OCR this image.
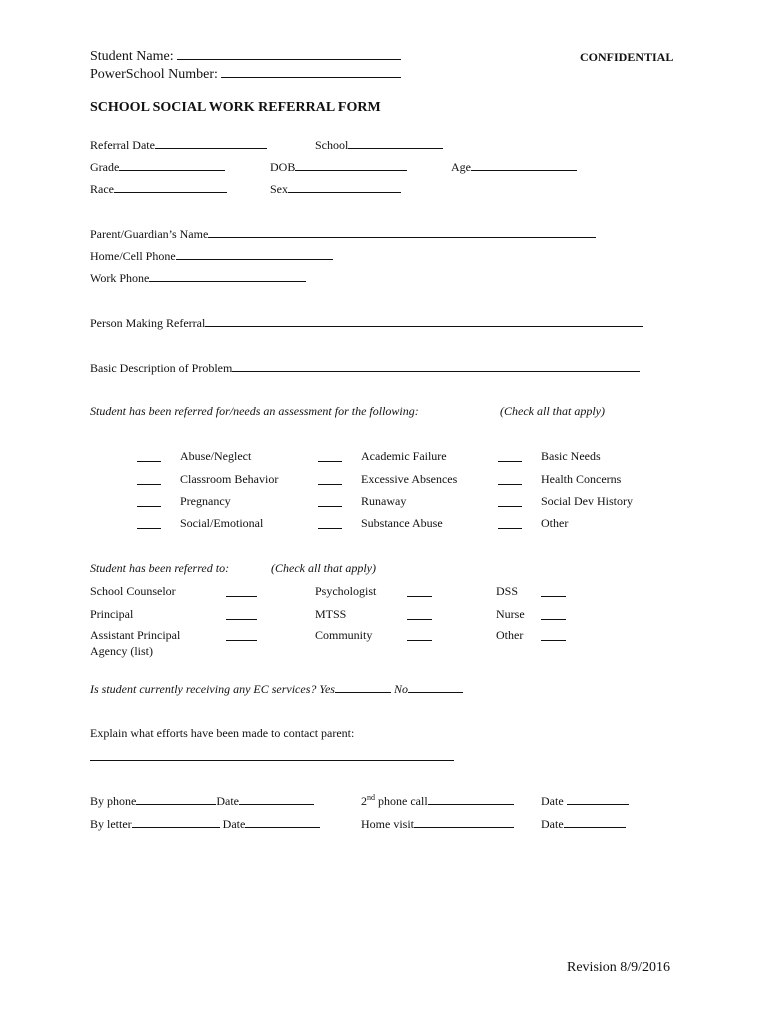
Student Name:
PowerSchool Number:
CONFIDENTIAL
SCHOOL SOCIAL WORK REFERRAL FORM
Referral Date	School
Grade	DOB	Age
Race	Sex
Parent/Guardian’s Name
Home/Cell Phone
Work Phone
Person Making Referral
Basic Description of Problem
Student has been referred for/needs an assessment for the following:	(Check all that apply)
Abuse/Neglect	Academic Failure	Basic Needs
Classroom Behavior	Excessive Absences	Health Concerns
Pregnancy	Runaway	Social Dev History
Social/Emotional	Substance Abuse	Other
Student has been referred to:	(Check all that apply)
School Counselor	Psychologist	DSS
Principal	MTSS	Nurse
Assistant Principal	Community	Other
Agency (list)
Is student currently receiving any EC services? Yes	No
Explain what efforts have been made to contact parent:
By phone	Date	2nd phone call	Date
By letter	Date	Home visit	Date
Revision 8/9/2016
